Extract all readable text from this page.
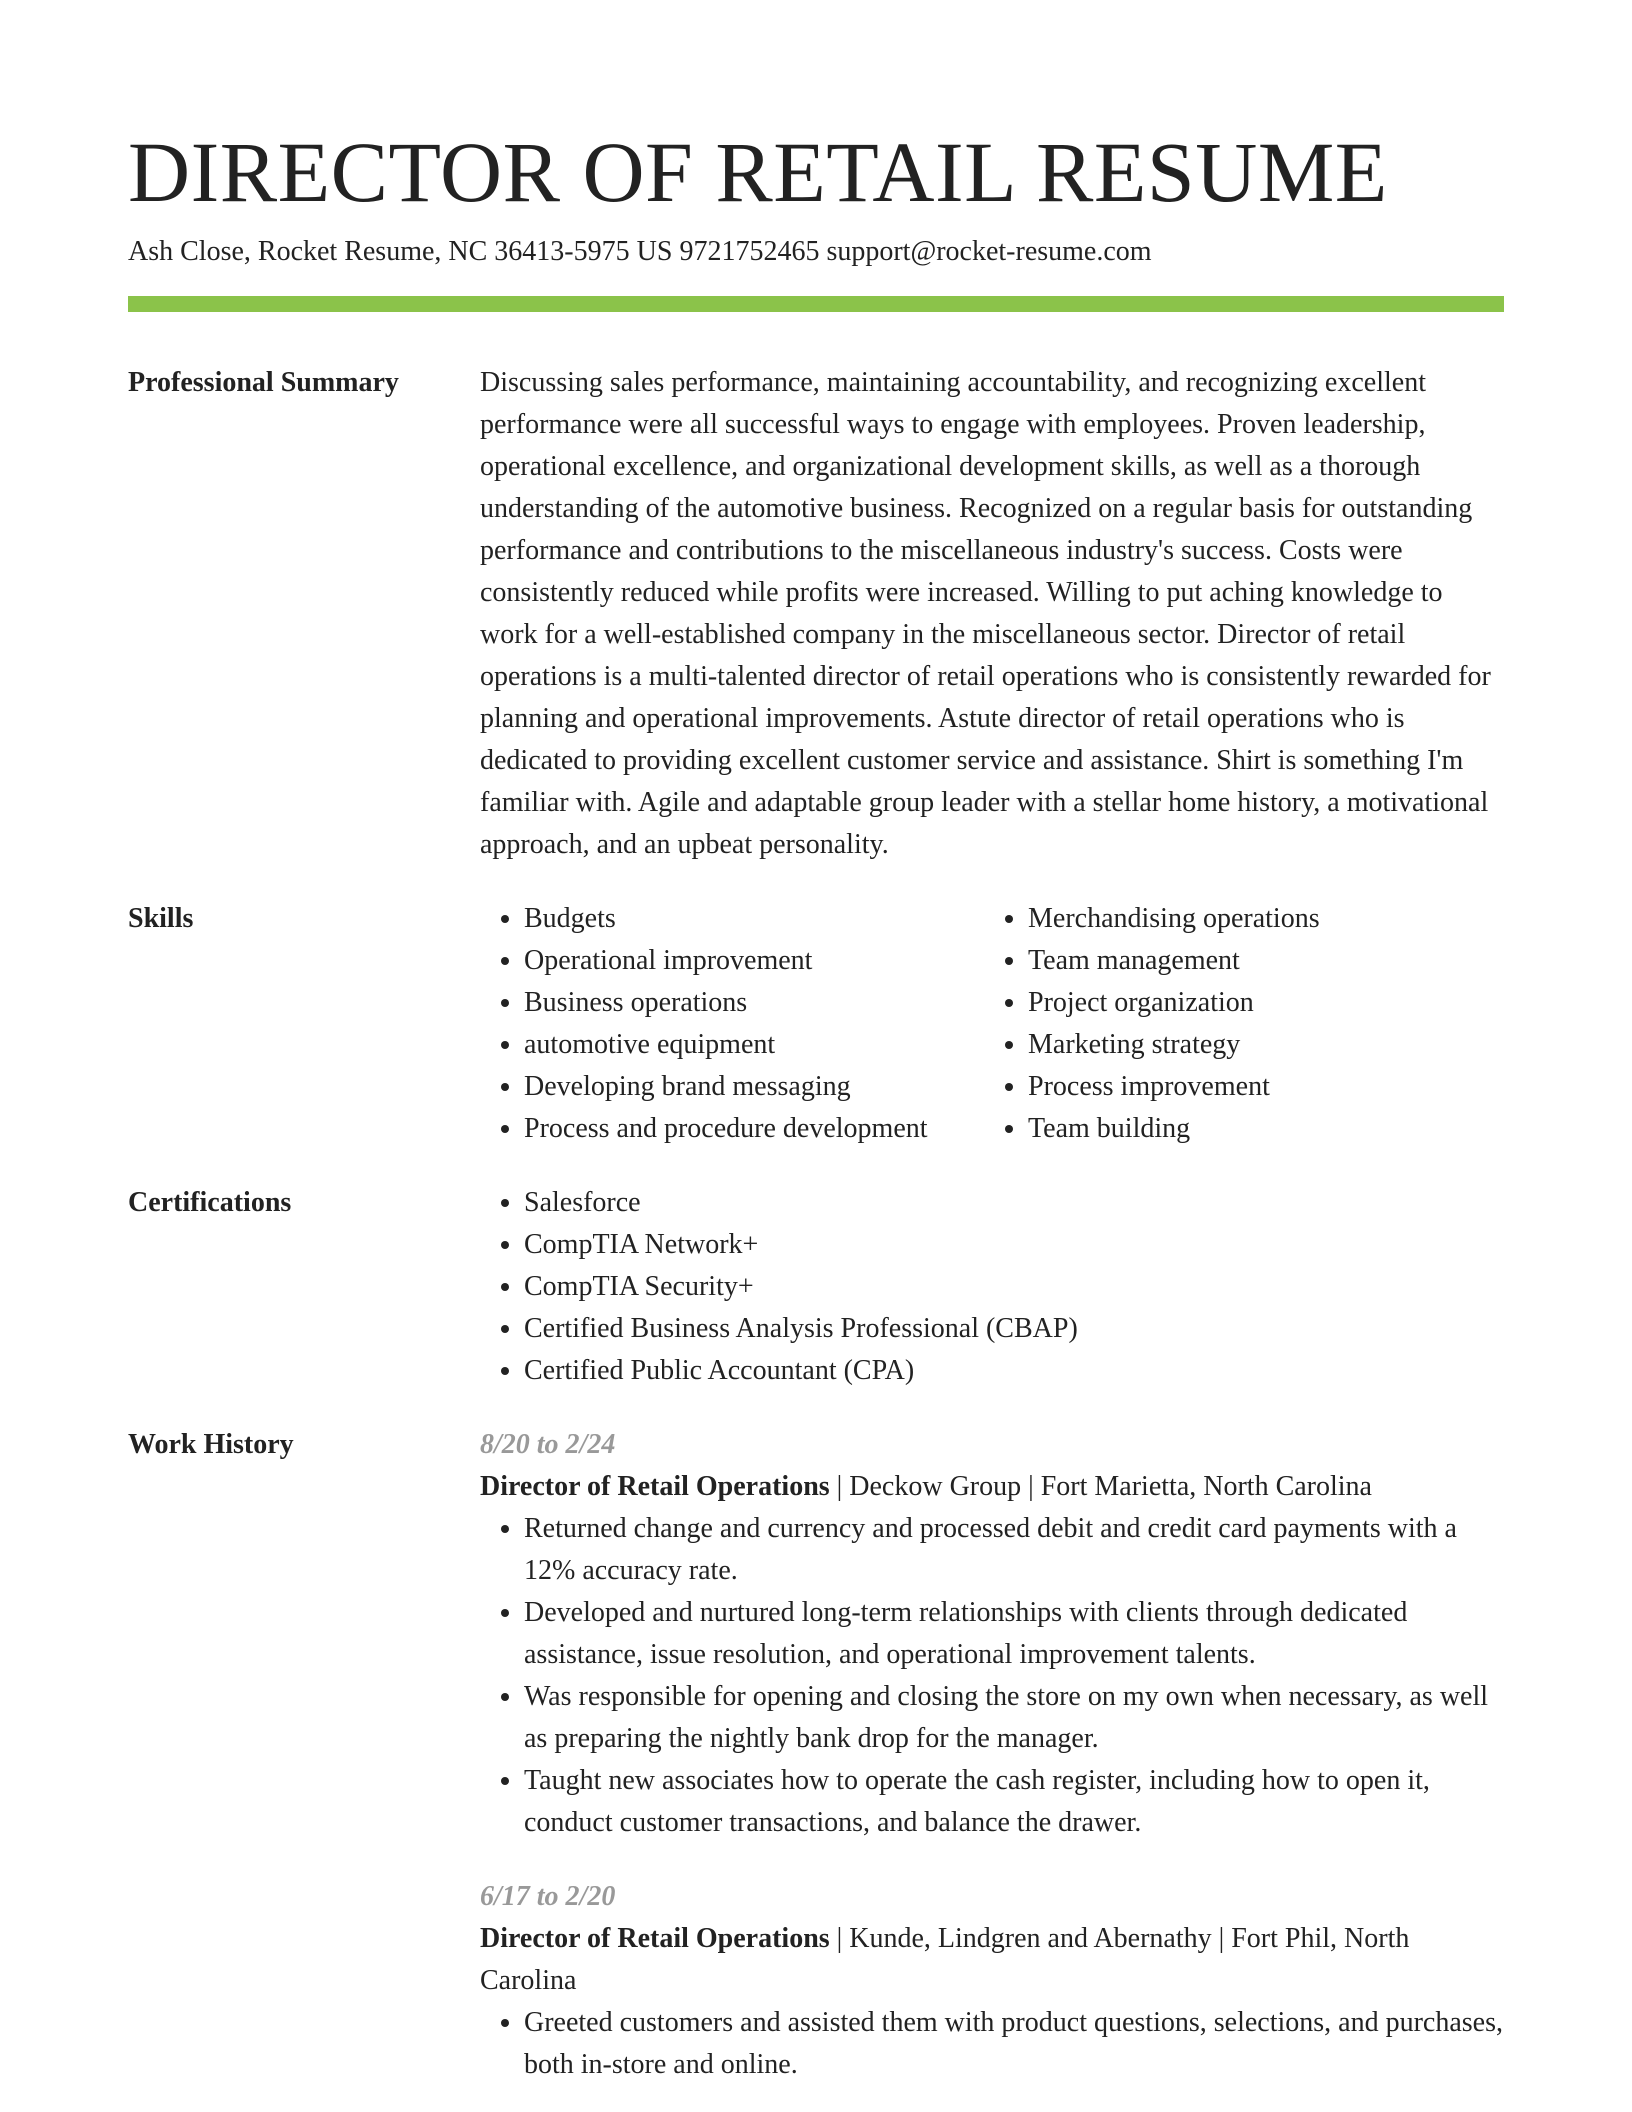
DIRECTOR OF RETAIL RESUME
Ash Close, Rocket Resume, NC 36413-5975 US 9721752465 support@rocket-resume.com
Professional Summary	Discussing sales performance, maintaining accountability, and recognizing excellent performance were all successful ways to engage with employees. Proven leadership, operational excellence, and organizational development skills, as well as a thorough understanding of the automotive business. Recognized on a regular basis for outstanding performance and contributions to the miscellaneous industry's success. Costs were consistently reduced while profits were increased. Willing to put aching knowledge to work for a well-established company in the miscellaneous sector. Director of retail operations is a multi-talented director of retail operations who is consistently rewarded for planning and operational improvements. Astute director of retail operations who is dedicated to providing excellent customer service and assistance. Shirt is something I'm familiar with. Agile and adaptable group leader with a stellar home history, a motivational approach, and an upbeat personality.

Skills	• Budgets
• Operational improvement
• Business operations
• automotive equipment
• Developing brand messaging
• Process and procedure development
• Merchandising operations
• Team management
• Project organization
• Marketing strategy
• Process improvement
• Team building
Certifications	• Salesforce
• CompTIA Network+
• CompTIA Security+
• Certified Business Analysis Professional (CBAP)
• Certified Public Accountant (CPA)
Work History	8/20 to 2/24
Director of Retail Operations | Deckow Group | Fort Marietta, North Carolina
• Returned change and currency and processed debit and credit card payments with a 12% accuracy rate.
• Developed and nurtured long-term relationships with clients through dedicated assistance, issue resolution, and operational improvement talents.
• Was responsible for opening and closing the store on my own when necessary, as well as preparing the nightly bank drop for the manager.
• Taught new associates how to operate the cash register, including how to open it, conduct customer transactions, and balance the drawer.
6/17 to 2/20
Director of Retail Operations | Kunde, Lindgren and Abernathy | Fort Phil, North Carolina
• Greeted customers and assisted them with product questions, selections, and purchases, both in-store and online.
